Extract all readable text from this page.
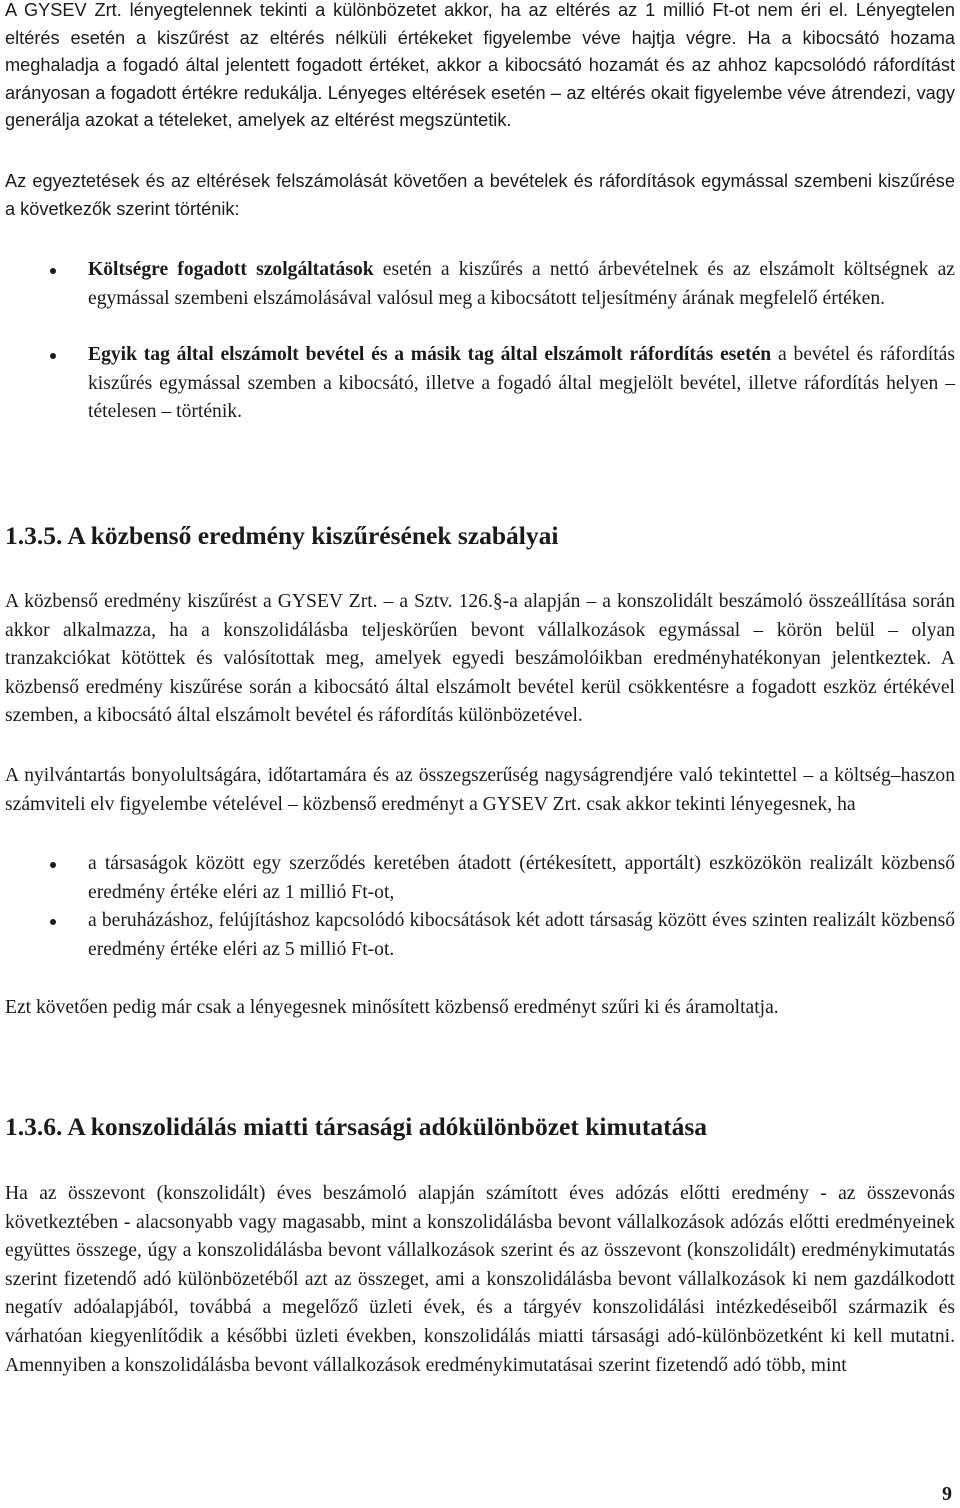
A GYSEV Zrt. lényegtelennek tekinti a különbözetet akkor, ha az eltérés az 1 millió Ft-ot nem éri el. Lényegtelen eltérés esetén a kiszűrést az eltérés nélküli értékeket figyelembe véve hajtja végre. Ha a kibocsátó hozama meghaladja a fogadó által jelentett fogadott értéket, akkor a kibocsátó hozamát és az ahhoz kapcsolódó ráfordítást arányosan a fogadott értékre redukálja. Lényeges eltérések esetén – az eltérés okait figyelembe véve átrendezi, vagy generálja azokat a tételeket, amelyek az eltérést megszüntetik.

Az egyeztetések és az eltérések felszámolását követően a bevételek és ráfordítások egymással szembeni kiszűrése a következők szerint történik:

Költségre fogadott szolgáltatások esetén a kiszűrés a nettó árbevételnek és az elszámolt költségnek az egymással szembeni elszámolásával valósul meg a kibocsátott teljesítmény árának megfelelő értéken.

Egyik tag által elszámolt bevétel és a másik tag által elszámolt ráfordítás esetén a bevétel és ráfordítás kiszűrés egymással szemben a kibocsátó, illetve a fogadó által megjelölt bevétel, illetve ráfordítás helyen – tételesen – történik.

1.3.5. A közbenső eredmény kiszűrésének szabályai

A közbenső eredmény kiszűrést a GYSEV Zrt. – a Sztv. 126.§-a alapján – a konszolidált beszámoló összeállítása során akkor alkalmazza, ha a konszolidálásba teljeskörűen bevont vállalkozások egymással – körön belül – olyan tranzakciókat kötöttek és valósítottak meg, amelyek egyedi beszámolóikban eredményhatékonyan jelentkeztek. A közbenső eredmény kiszűrése során a kibocsátó által elszámolt bevétel kerül csökkentésre a fogadott eszköz értékével szemben, a kibocsátó által elszámolt bevétel és ráfordítás különbözetével.

A nyilvántartás bonyolultságára, időtartamára és az összegszerűség nagyságrendjére való tekintettel – a költség–haszon számviteli elv figyelembe vételével – közbenső eredményt a GYSEV Zrt. csak akkor tekinti lényegesnek, ha

a társaságok között egy szerződés keretében átadott (értékesített, apportált) eszközökön realizált közbenső eredmény értéke eléri az 1 millió Ft-ot,

a beruházáshoz, felújításhoz kapcsolódó kibocsátások két adott társaság között éves szinten realizált közbenső eredmény értéke eléri az 5 millió Ft-ot.

Ezt követően pedig már csak a lényegesnek minősített közbenső eredményt szűri ki és áramoltatja.

1.3.6. A konszolidálás miatti társasági adókülönbözet kimutatása

Ha az összevont (konszolidált) éves beszámoló alapján számított éves adózás előtti eredmény - az összevonás következtében - alacsonyabb vagy magasabb, mint a konszolidálásba bevont vállalkozások adózás előtti eredményeinek együttes összege, úgy a konszolidálásba bevont vállalkozások szerint és az összevont (konszolidált) eredménykimutatás szerint fizetendő adó különbözetéből azt az összeget, ami a konszolidálásba bevont vállalkozások ki nem gazdálkodott negatív adóalapjából, továbbá a megelőző üzleti évek, és a tárgyév konszolidálási intézkedéseiből származik és várhatóan kiegyenlítődik a későbbi üzleti években, konszolidálás miatti társasági adó-különbözetként ki kell mutatni. Amennyiben a konszolidálásba bevont vállalkozások eredménykimutatásai szerint fizetendő adó több, mint

9
